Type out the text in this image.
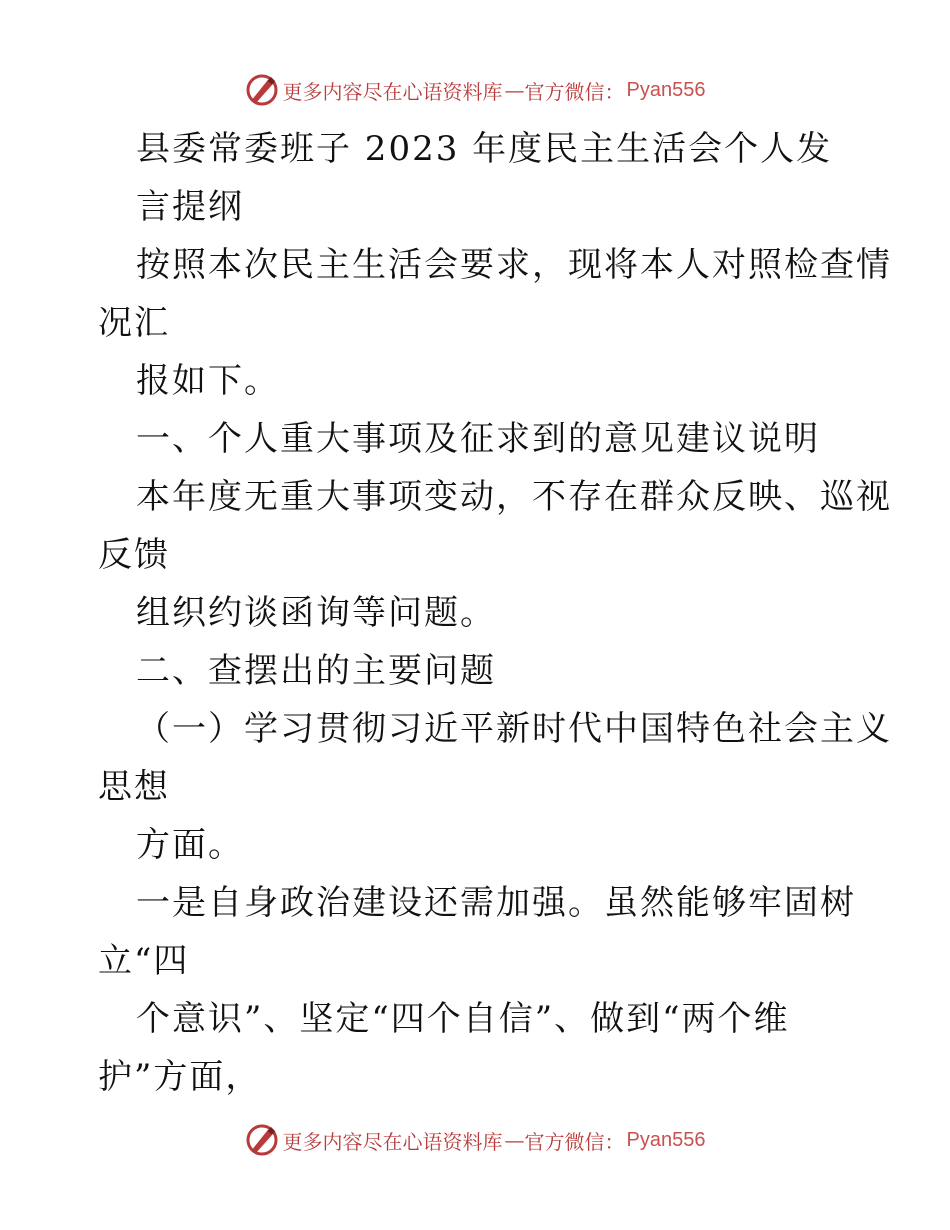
更多内容尽在心语资料库 — 官方微信： Pyan556
县委常委班子 2023 年度民主生活会个人发
言提纲
按照本次民主生活会要求，现将本人对照检查情
况汇
报如下。
一、个人重大事项及征求到的意见建议说明
本年度无重大事项变动，不存在群众反映、巡视
反馈
组织约谈函询等问题。
二、查摆出的主要问题
（一）学习贯彻习近平新时代中国特色社会主义
思想
方面。
一是自身政治建设还需加强。虽然能够牢固树
立“四
个意识”、坚定“四个自信”、做到“两个维
护”方面，
更多内容尽在心语资料库 — 官方微信： Pyan556
